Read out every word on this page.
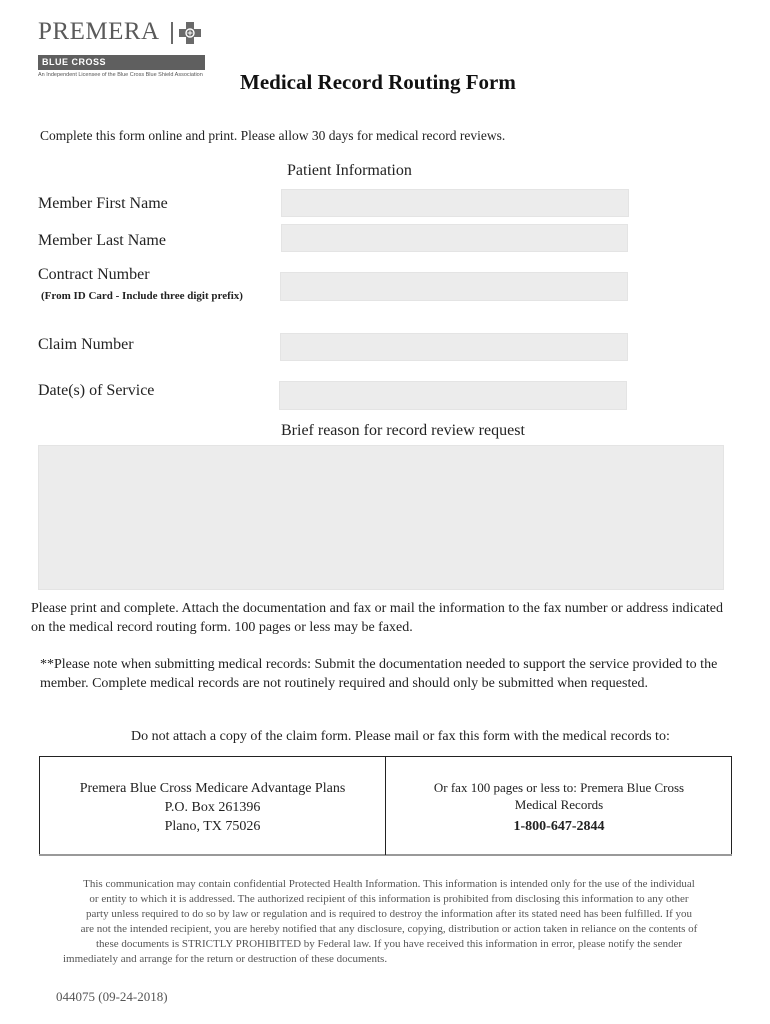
PREMERA
BLUE CROSS
An Independent Licensee of the Blue Cross Blue Shield Association Medical Record Routing Form
Complete this form online and print. Please allow 30 days for medical record reviews.
Patient Information
Member First Name
Member Last Name
Contract Number
(From ID Card - Include three digit prefix)
Claim Number
Date(s) of Service
Brief reason for record review request
Please print and complete. Attach the documentation and fax or mail the information to the fax number or address indicated on the medical record routing form. 100 pages or less may be faxed.
**Please note when submitting medical records: Submit the documentation needed to support the service provided to the member. Complete medical records are not routinely required and should only be submitted when requested.
Do not attach a copy of the claim form. Please mail or fax this form with the medical records to:
Premera Blue Cross Medicare Advantage Plans
P.O. Box 261396
Plano, TX 75026
Or fax 100 pages or less to: Premera Blue Cross
Medical Records
1-800-647-2844
This communication may contain confidential Protected Health Information. This information is intended only for the use of the individual
or entity to which it is addressed. The authorized recipient of this information is prohibited from disclosing this information to any other
party unless required to do so by law or regulation and is required to destroy the information after its stated need has been fulfilled. If you
are not the intended recipient, you are hereby notified that any disclosure, copying, distribution or action taken in reliance on the contents of
these documents is STRICTLY PROHIBITED by Federal law. If you have received this information in error, please notify the sender
immediately and arrange for the return or destruction of these documents.
044075 (09-24-2018)
